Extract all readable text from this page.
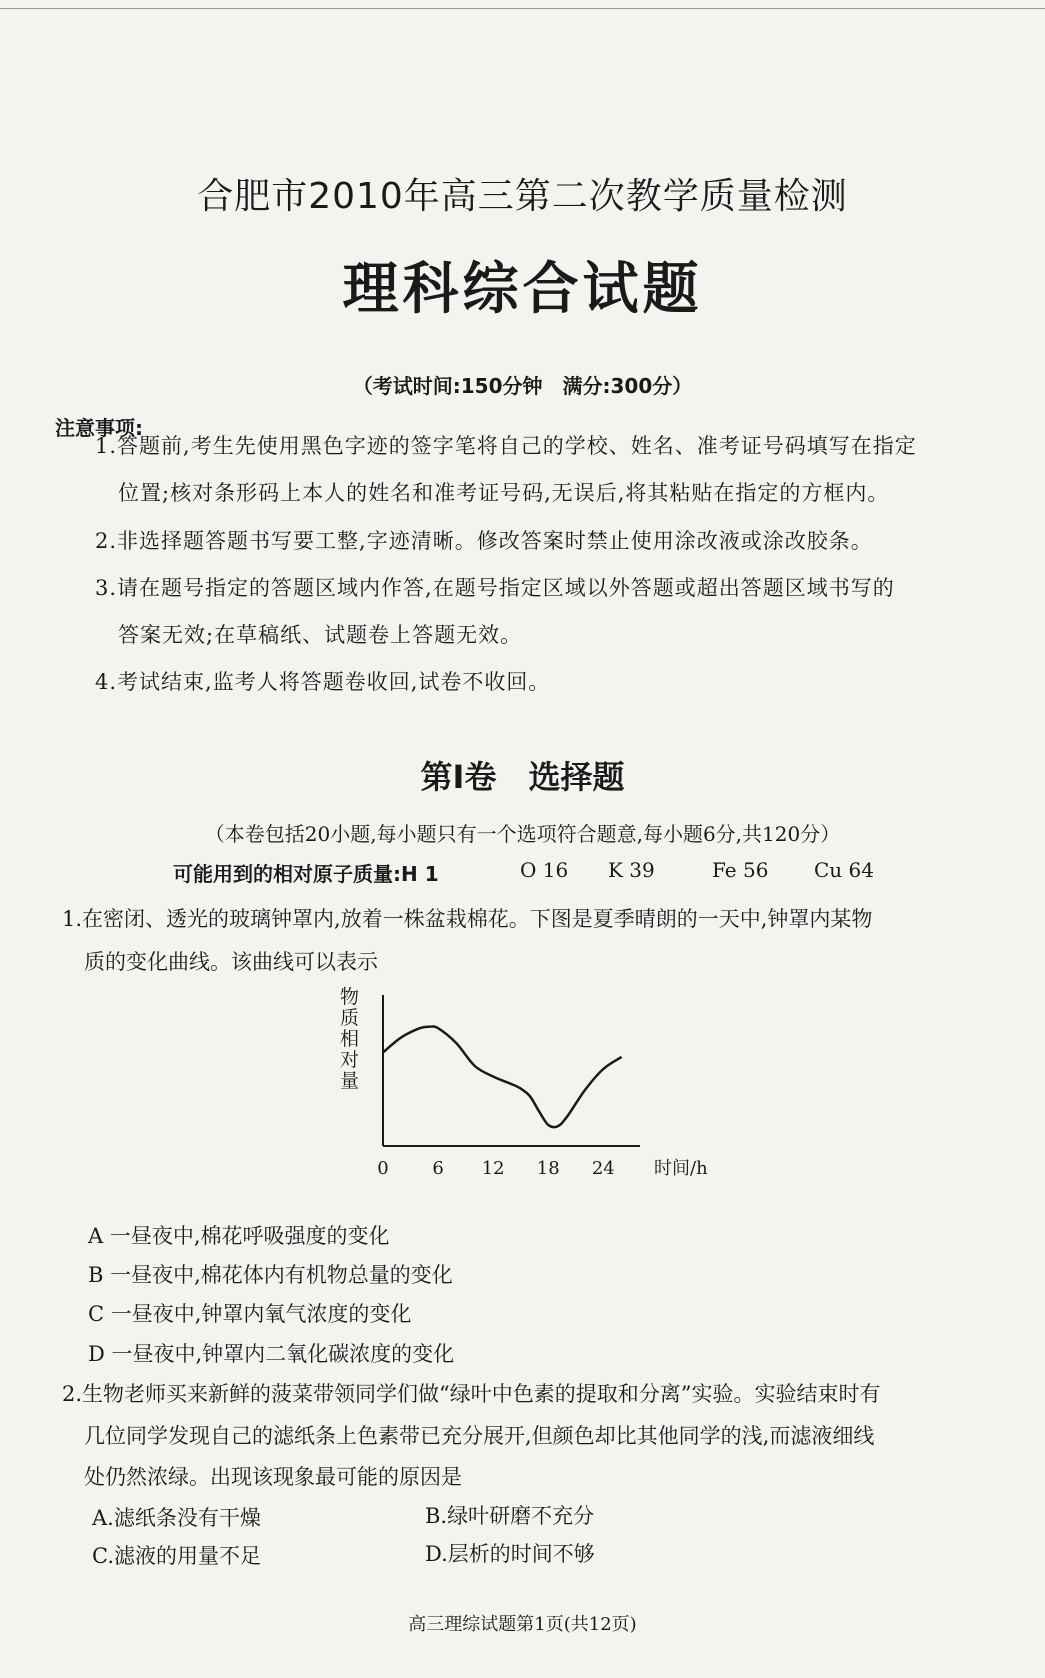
合肥市2010年高三第二次教学质量检测
理科综合试题
（考试时间:150分钟　满分:300分）
注意事项:
1.答题前,考生先使用黑色字迹的签字笔将自己的学校、姓名、准考证号码填写在指定
位置;核对条形码上本人的姓名和准考证号码,无误后,将其粘贴在指定的方框内。
2.非选择题答题书写要工整,字迹清晰。修改答案时禁止使用涂改液或涂改胶条。
3.请在题号指定的答题区域内作答,在题号指定区域以外答题或超出答题区域书写的
答案无效;在草稿纸、试题卷上答题无效。
4.考试结束,监考人将答题卷收回,试卷不收回。
第Ⅰ卷　选择题
（本卷包括20小题,每小题只有一个选项符合题意,每小题6分,共120分）
可能用到的相对原子质量:H 1	O 16 K 39	Fe 56 Cu 64
1.在密闭、透光的玻璃钟罩内,放着一株盆栽棉花。下图是夏季晴朗的一天中,钟罩内某物
质的变化曲线。该曲线可以表示
物
质
相
对
量
0 6 12 18 24 时间/h
A 一昼夜中,棉花呼吸强度的变化
B 一昼夜中,棉花体内有机物总量的变化
C 一昼夜中,钟罩内氧气浓度的变化
D 一昼夜中,钟罩内二氧化碳浓度的变化
2.生物老师买来新鲜的菠菜带领同学们做“绿叶中色素的提取和分离”实验。实验结束时有
几位同学发现自己的滤纸条上色素带已充分展开,但颜色却比其他同学的浅,而滤液细线
处仍然浓绿。出现该现象最可能的原因是
A.滤纸条没有干燥	B.绿叶研磨不充分
C.滤液的用量不足	D.层析的时间不够
高三理综试题第1页(共12页)
